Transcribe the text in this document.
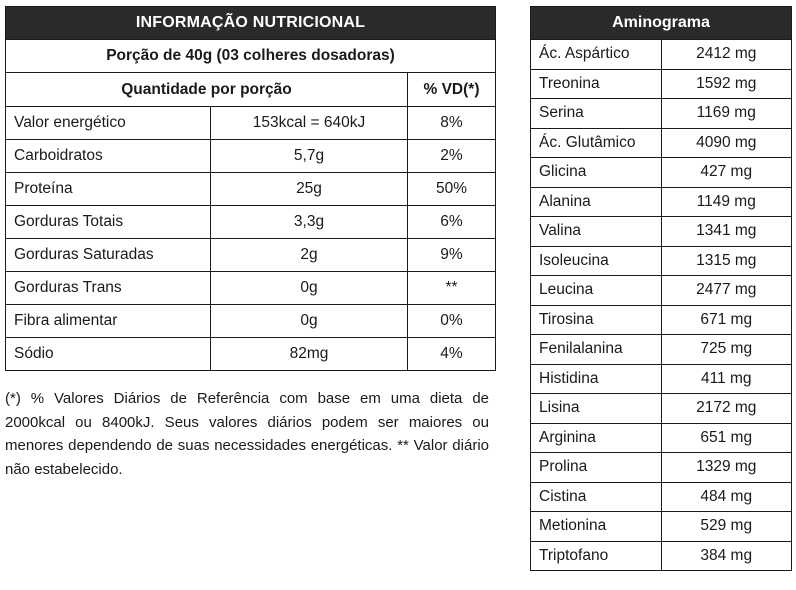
INFORMAÇÃO NUTRICIONAL		
Porção de 40g (03 colheres dosadoras)		
Quantidade por porção		% VD(*)
Valor energético	153kcal = 640kJ	8%
Carboidratos	5,7g	2%
Proteína	25g	50%
Gorduras Totais	3,3g	6%
Gorduras Saturadas	2g	9%
Gorduras Trans	0g	**
Fibra alimentar	0g	0%
Sódio	82mg	4%
(*) % Valores Diários de Referência com base em uma dieta de 2000kcal ou 8400kJ. Seus valores diários podem ser maiores ou menores dependendo de suas necessidades energéticas. ** Valor diário não estabelecido.
Aminograma	
Ác. Aspártico	2412 mg
Treonina	1592 mg
Serina	1169 mg
Ác. Glutâmico	4090 mg
Glicina	427 mg
Alanina	1149 mg
Valina	1341 mg
Isoleucina	1315 mg
Leucina	2477 mg
Tirosina	671 mg
Fenilalanina	725 mg
Histidina	411 mg
Lisina	2172 mg
Arginina	651 mg
Prolina	1329 mg
Cistina	484 mg
Metionina	529 mg
Triptofano	384 mg
